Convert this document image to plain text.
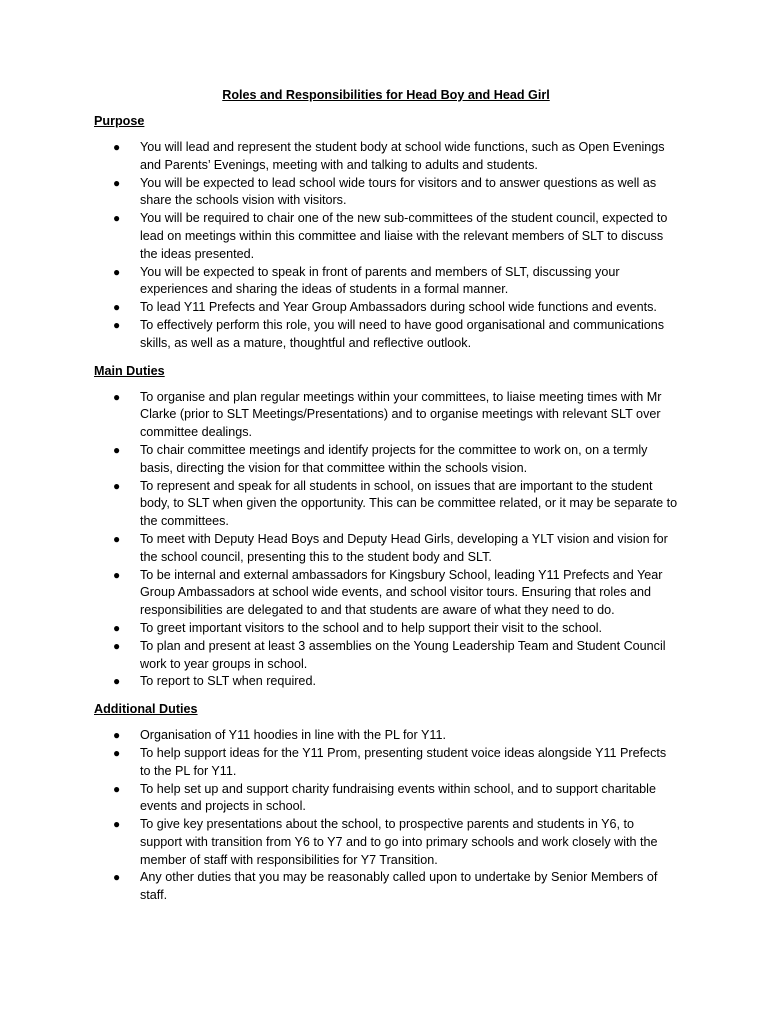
Roles and Responsibilities for Head Boy and Head Girl
Purpose
● You will lead and represent the student body at school wide functions, such as Open Evenings and Parents’ Evenings, meeting with and talking to adults and students.
● You will be expected to lead school wide tours for visitors and to answer questions as well as share the schools vision with visitors.
● You will be required to chair one of the new sub-committees of the student council, expected to lead on meetings within this committee and liaise with the relevant members of SLT to discuss the ideas presented.
● You will be expected to speak in front of parents and members of SLT, discussing your experiences and sharing the ideas of students in a formal manner.
● To lead Y11 Prefects and Year Group Ambassadors during school wide functions and events.
● To effectively perform this role, you will need to have good organisational and communications skills, as well as a mature, thoughtful and reflective outlook.
Main Duties
● To organise and plan regular meetings within your committees, to liaise meeting times with Mr Clarke (prior to SLT Meetings/Presentations) and to organise meetings with relevant SLT over committee dealings.
● To chair committee meetings and identify projects for the committee to work on, on a termly basis, directing the vision for that committee within the schools vision.
● To represent and speak for all students in school, on issues that are important to the student body, to SLT when given the opportunity. This can be committee related, or it may be separate to the committees.
● To meet with Deputy Head Boys and Deputy Head Girls, developing a YLT vision and vision for the school council, presenting this to the student body and SLT.
● To be internal and external ambassadors for Kingsbury School, leading Y11 Prefects and Year Group Ambassadors at school wide events, and school visitor tours. Ensuring that roles and responsibilities are delegated to and that students are aware of what they need to do.
● To greet important visitors to the school and to help support their visit to the school.
● To plan and present at least 3 assemblies on the Young Leadership Team and Student Council work to year groups in school.
● To report to SLT when required.
Additional Duties
● Organisation of Y11 hoodies in line with the PL for Y11.
● To help support ideas for the Y11 Prom, presenting student voice ideas alongside Y11 Prefects to the PL for Y11.
● To help set up and support charity fundraising events within school, and to support charitable events and projects in school.
● To give key presentations about the school, to prospective parents and students in Y6, to support with transition from Y6 to Y7 and to go into primary schools and work closely with the member of staff with responsibilities for Y7 Transition.
● Any other duties that you may be reasonably called upon to undertake by Senior Members of staff.
